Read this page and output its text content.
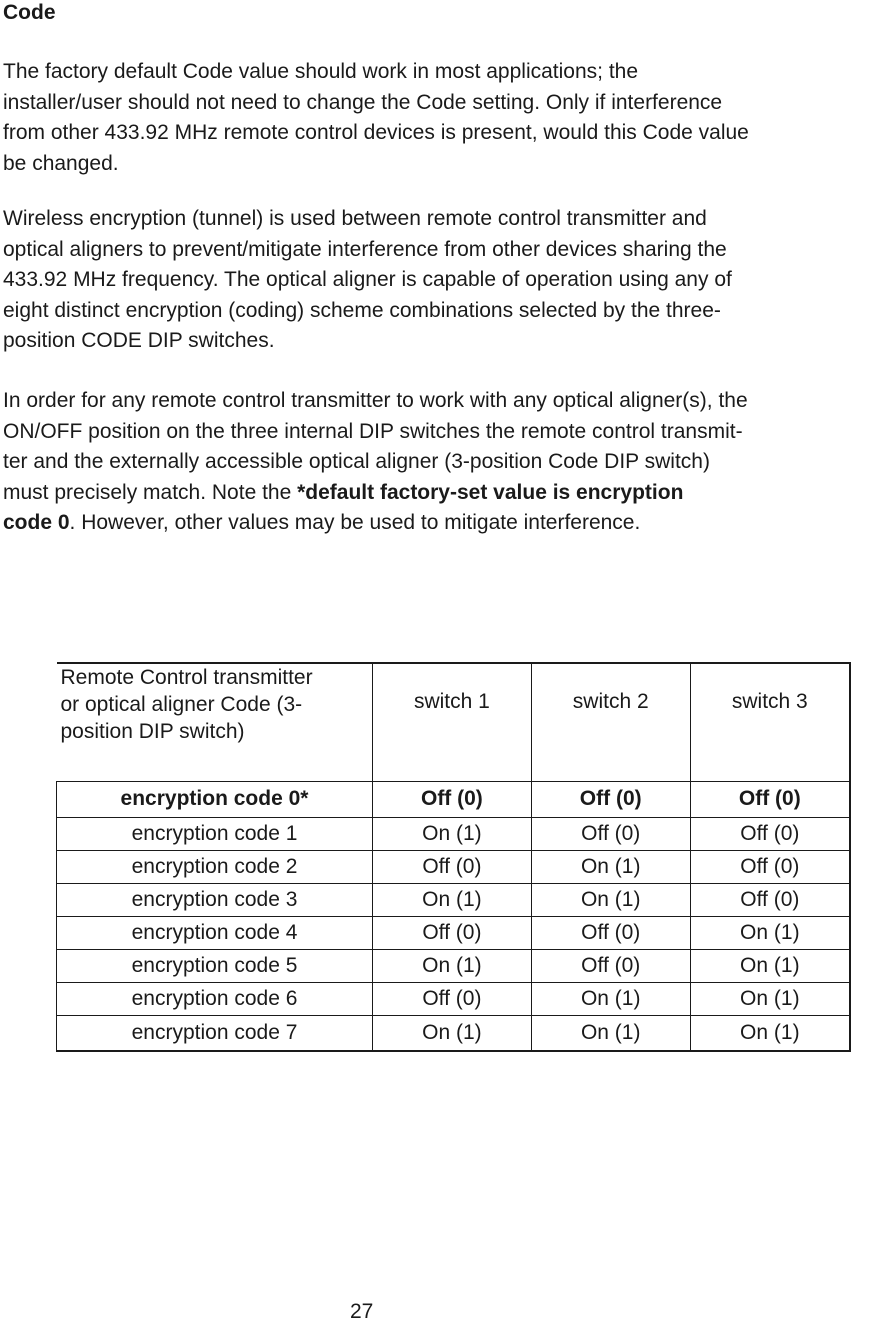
Code

The factory default Code value should work in most applications; the
installer/user should not need to change the Code setting. Only if interference
from other 433.92 MHz remote control devices is present, would this Code value
be changed.

Wireless encryption (tunnel) is used between remote control transmitter and
optical aligners to prevent/mitigate interference from other devices sharing the
433.92 MHz frequency. The optical aligner is capable of operation using any of
eight distinct encryption (coding) scheme combinations selected by the three-
position CODE DIP switches.

In order for any remote control transmitter to work with any optical aligner(s), the
ON/OFF position on the three internal DIP switches the remote control transmit-
ter and the externally accessible optical aligner (3-position Code DIP switch)
must precisely match. Note the *default factory-set value is encryption
code 0. However, other values may be used to mitigate interference.

Remote Control transmitter
or optical aligner Code (3-
position DIP switch)	switch 1	switch 2	switch 3
encryption code 0*	Off (0)	Off (0)	Off (0)
encryption code 1	On (1)	Off (0)	Off (0)
encryption code 2	Off (0)	On (1)	Off (0)
encryption code 3	On (1)	On (1)	Off (0)
encryption code 4	Off (0)	Off (0)	On (1)
encryption code 5	On (1)	Off (0)	On (1)
encryption code 6	Off (0)	On (1)	On (1)
encryption code 7	On (1)	On (1)	On (1)
27
